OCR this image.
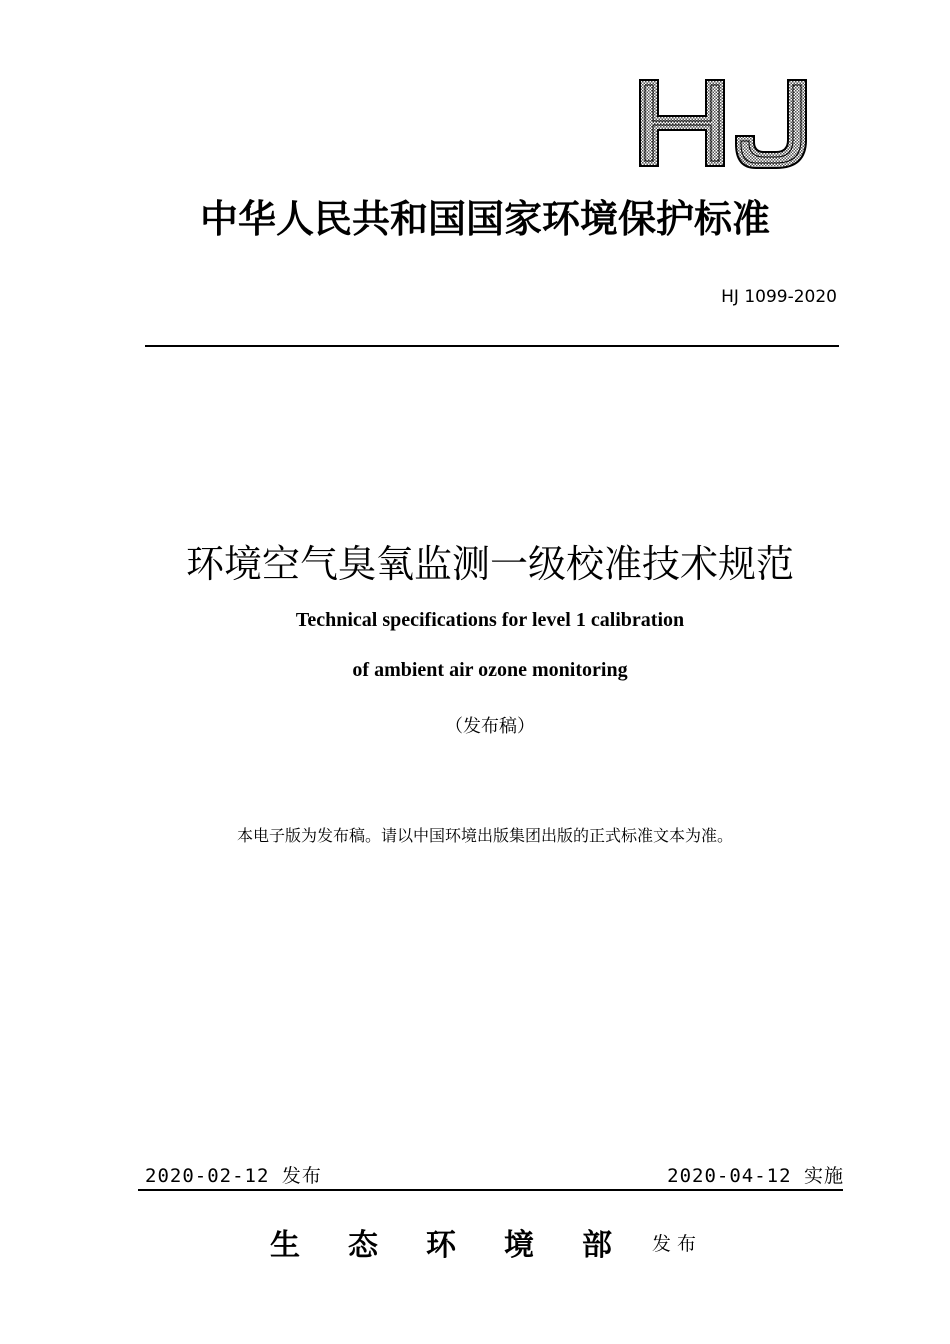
中华人民共和国国家环境保护标准
HJ 1099-2020
环境空气臭氧监测一级校准技术规范
Technical specifications for level 1 calibration
of ambient air ozone monitoring
（发布稿）
本电子版为发布稿。请以中国环境出版集团出版的正式标准文本为准。
2020-02-12 发布	2020-04-12 实施
生态环境部
发布
